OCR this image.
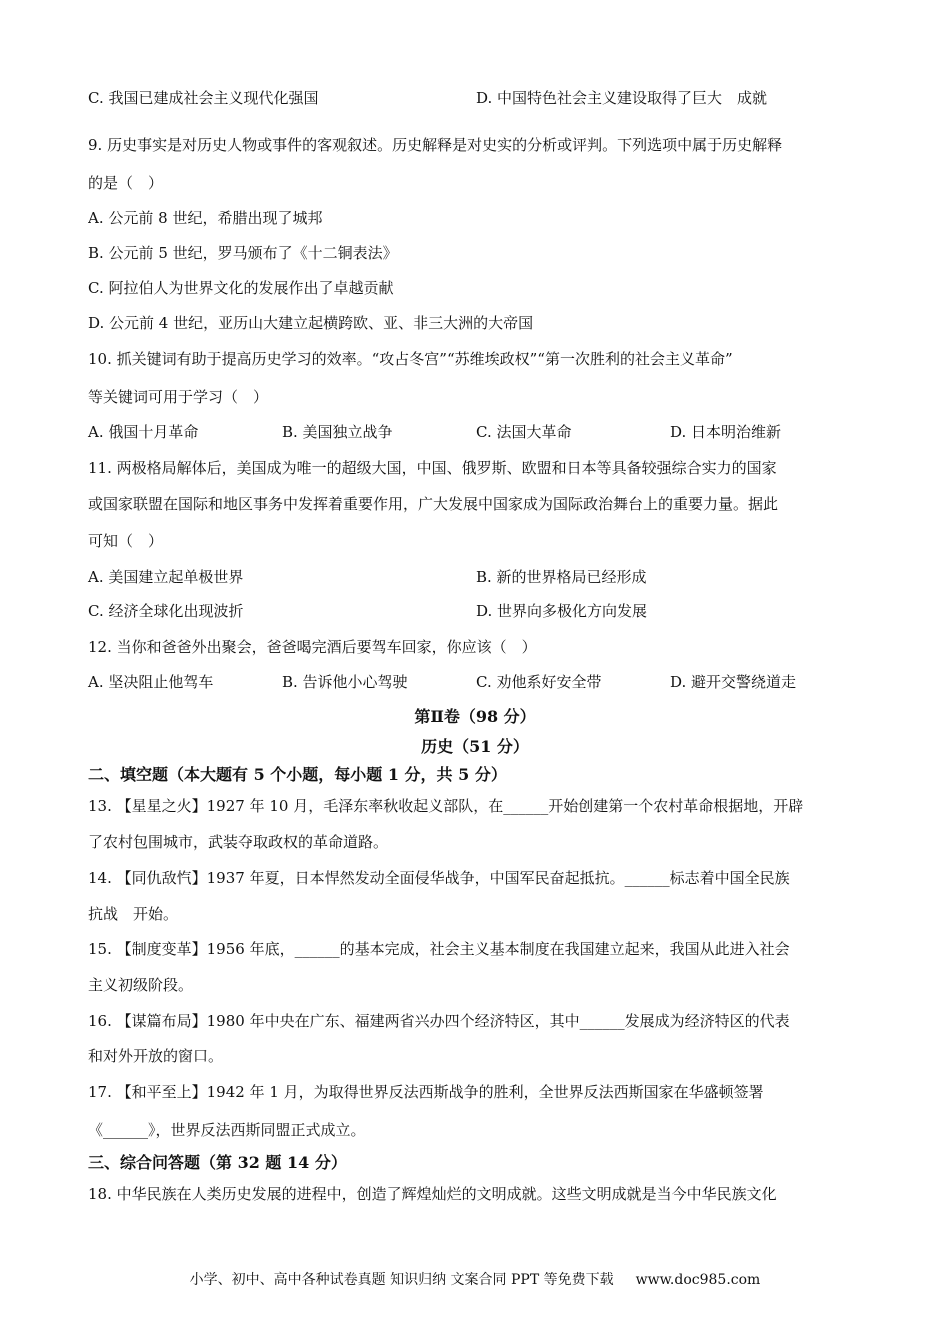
C. 我国已建成社会主义现代化强国	D. 中国特色社会主义建设取得了巨大　成就
9. 历史事实是对历史人物或事件的客观叙述。历史解释是对史实的分析或评判。下列选项中属于历史解释
的是（　）
A. 公元前 8 世纪，希腊出现了城邦
B. 公元前 5 世纪，罗马颁布了《十二铜表法》
C. 阿拉伯人为世界文化的发展作出了卓越贡献
D. 公元前 4 世纪，亚历山大建立起横跨欧、亚、非三大洲的大帝国
10. 抓关键词有助于提高历史学习的效率。“攻占冬宫”“苏维埃政权”“第一次胜利的社会主义革命”
等关键词可用于学习（　）
A. 俄国十月革命	B. 美国独立战争	C. 法国大革命	D. 日本明治维新
11. 两极格局解体后，美国成为唯一的超级大国，中国、俄罗斯、欧盟和日本等具备较强综合实力的国家
或国家联盟在国际和地区事务中发挥着重要作用，广大发展中国家成为国际政治舞台上的重要力量。据此
可知（　）
A. 美国建立起单极世界	B. 新的世界格局已经形成
C. 经济全球化出现波折	D. 世界向多极化方向发展
12. 当你和爸爸外出聚会，爸爸喝完酒后要驾车回家，你应该（　）
A. 坚决阻止他驾车	B. 告诉他小心驾驶	C. 劝他系好安全带	D. 避开交警绕道走
第Ⅱ卷（98 分）
历史（51 分）
二、填空题（本大题有 5 个小题，每小题 1 分，共 5 分）
13. 【星星之火】1927 年 10 月，毛泽东率秋收起义部队，在______开始创建第一个农村革命根据地，开辟
了农村包围城市，武装夺取政权的革命道路。
14. 【同仇敌忾】1937 年夏，日本悍然发动全面侵华战争，中国军民奋起抵抗。______标志着中国全民族
抗战　开始。
15. 【制度变革】1956 年底，______的基本完成，社会主义基本制度在我国建立起来，我国从此进入社会
主义初级阶段。
16. 【谋篇布局】1980 年中央在广东、福建两省兴办四个经济特区，其中______发展成为经济特区的代表
和对外开放的窗口。
17. 【和平至上】1942 年 1 月，为取得世界反法西斯战争的胜利，全世界反法西斯国家在华盛顿签署
《______》，世界反法西斯同盟正式成立。
三、综合问答题（第 32 题 14 分）
18. 中华民族在人类历史发展的进程中，创造了辉煌灿烂的文明成就。这些文明成就是当今中华民族文化
小学、初中、高中各种试卷真题 知识归纳 文案合同 PPT 等免费下载 www.doc985.com
